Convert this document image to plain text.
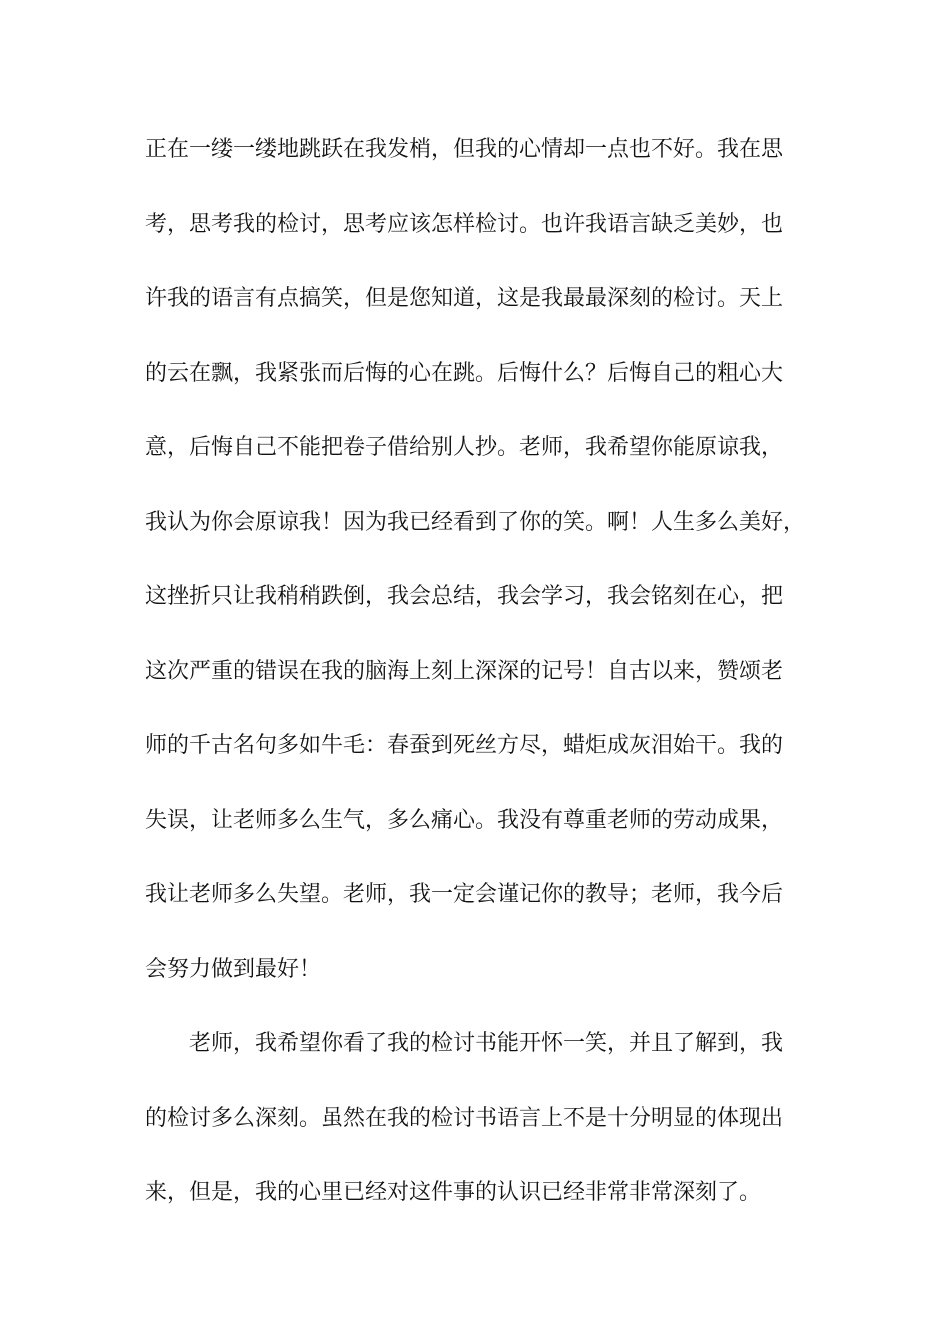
正在一缕一缕地跳跃在我发梢，但我的心情却一点也不好。我在思
考，思考我的检讨，思考应该怎样检讨。也许我语言缺乏美妙，也
许我的语言有点搞笑，但是您知道，这是我最最深刻的检讨。天上
的云在飘，我紧张而后悔的心在跳。后悔什么？后悔自己的粗心大
意，后悔自己不能把卷子借给别人抄。老师，我希望你能原谅我，
我认为你会原谅我！因为我已经看到了你的笑。啊！人生多么美好，
这挫折只让我稍稍跌倒，我会总结，我会学习，我会铭刻在心，把
这次严重的错误在我的脑海上刻上深深的记号！自古以来，赞颂老
师的千古名句多如牛毛：春蚕到死丝方尽，蜡炬成灰泪始干。我的
失误，让老师多么生气，多么痛心。我没有尊重老师的劳动成果，
我让老师多么失望。老师，我一定会谨记你的教导；老师，我今后
会努力做到最好！
老师，我希望你看了我的检讨书能开怀一笑，并且了解到，我
的检讨多么深刻。虽然在我的检讨书语言上不是十分明显的体现出
来，但是，我的心里已经对这件事的认识已经非常非常深刻了。
